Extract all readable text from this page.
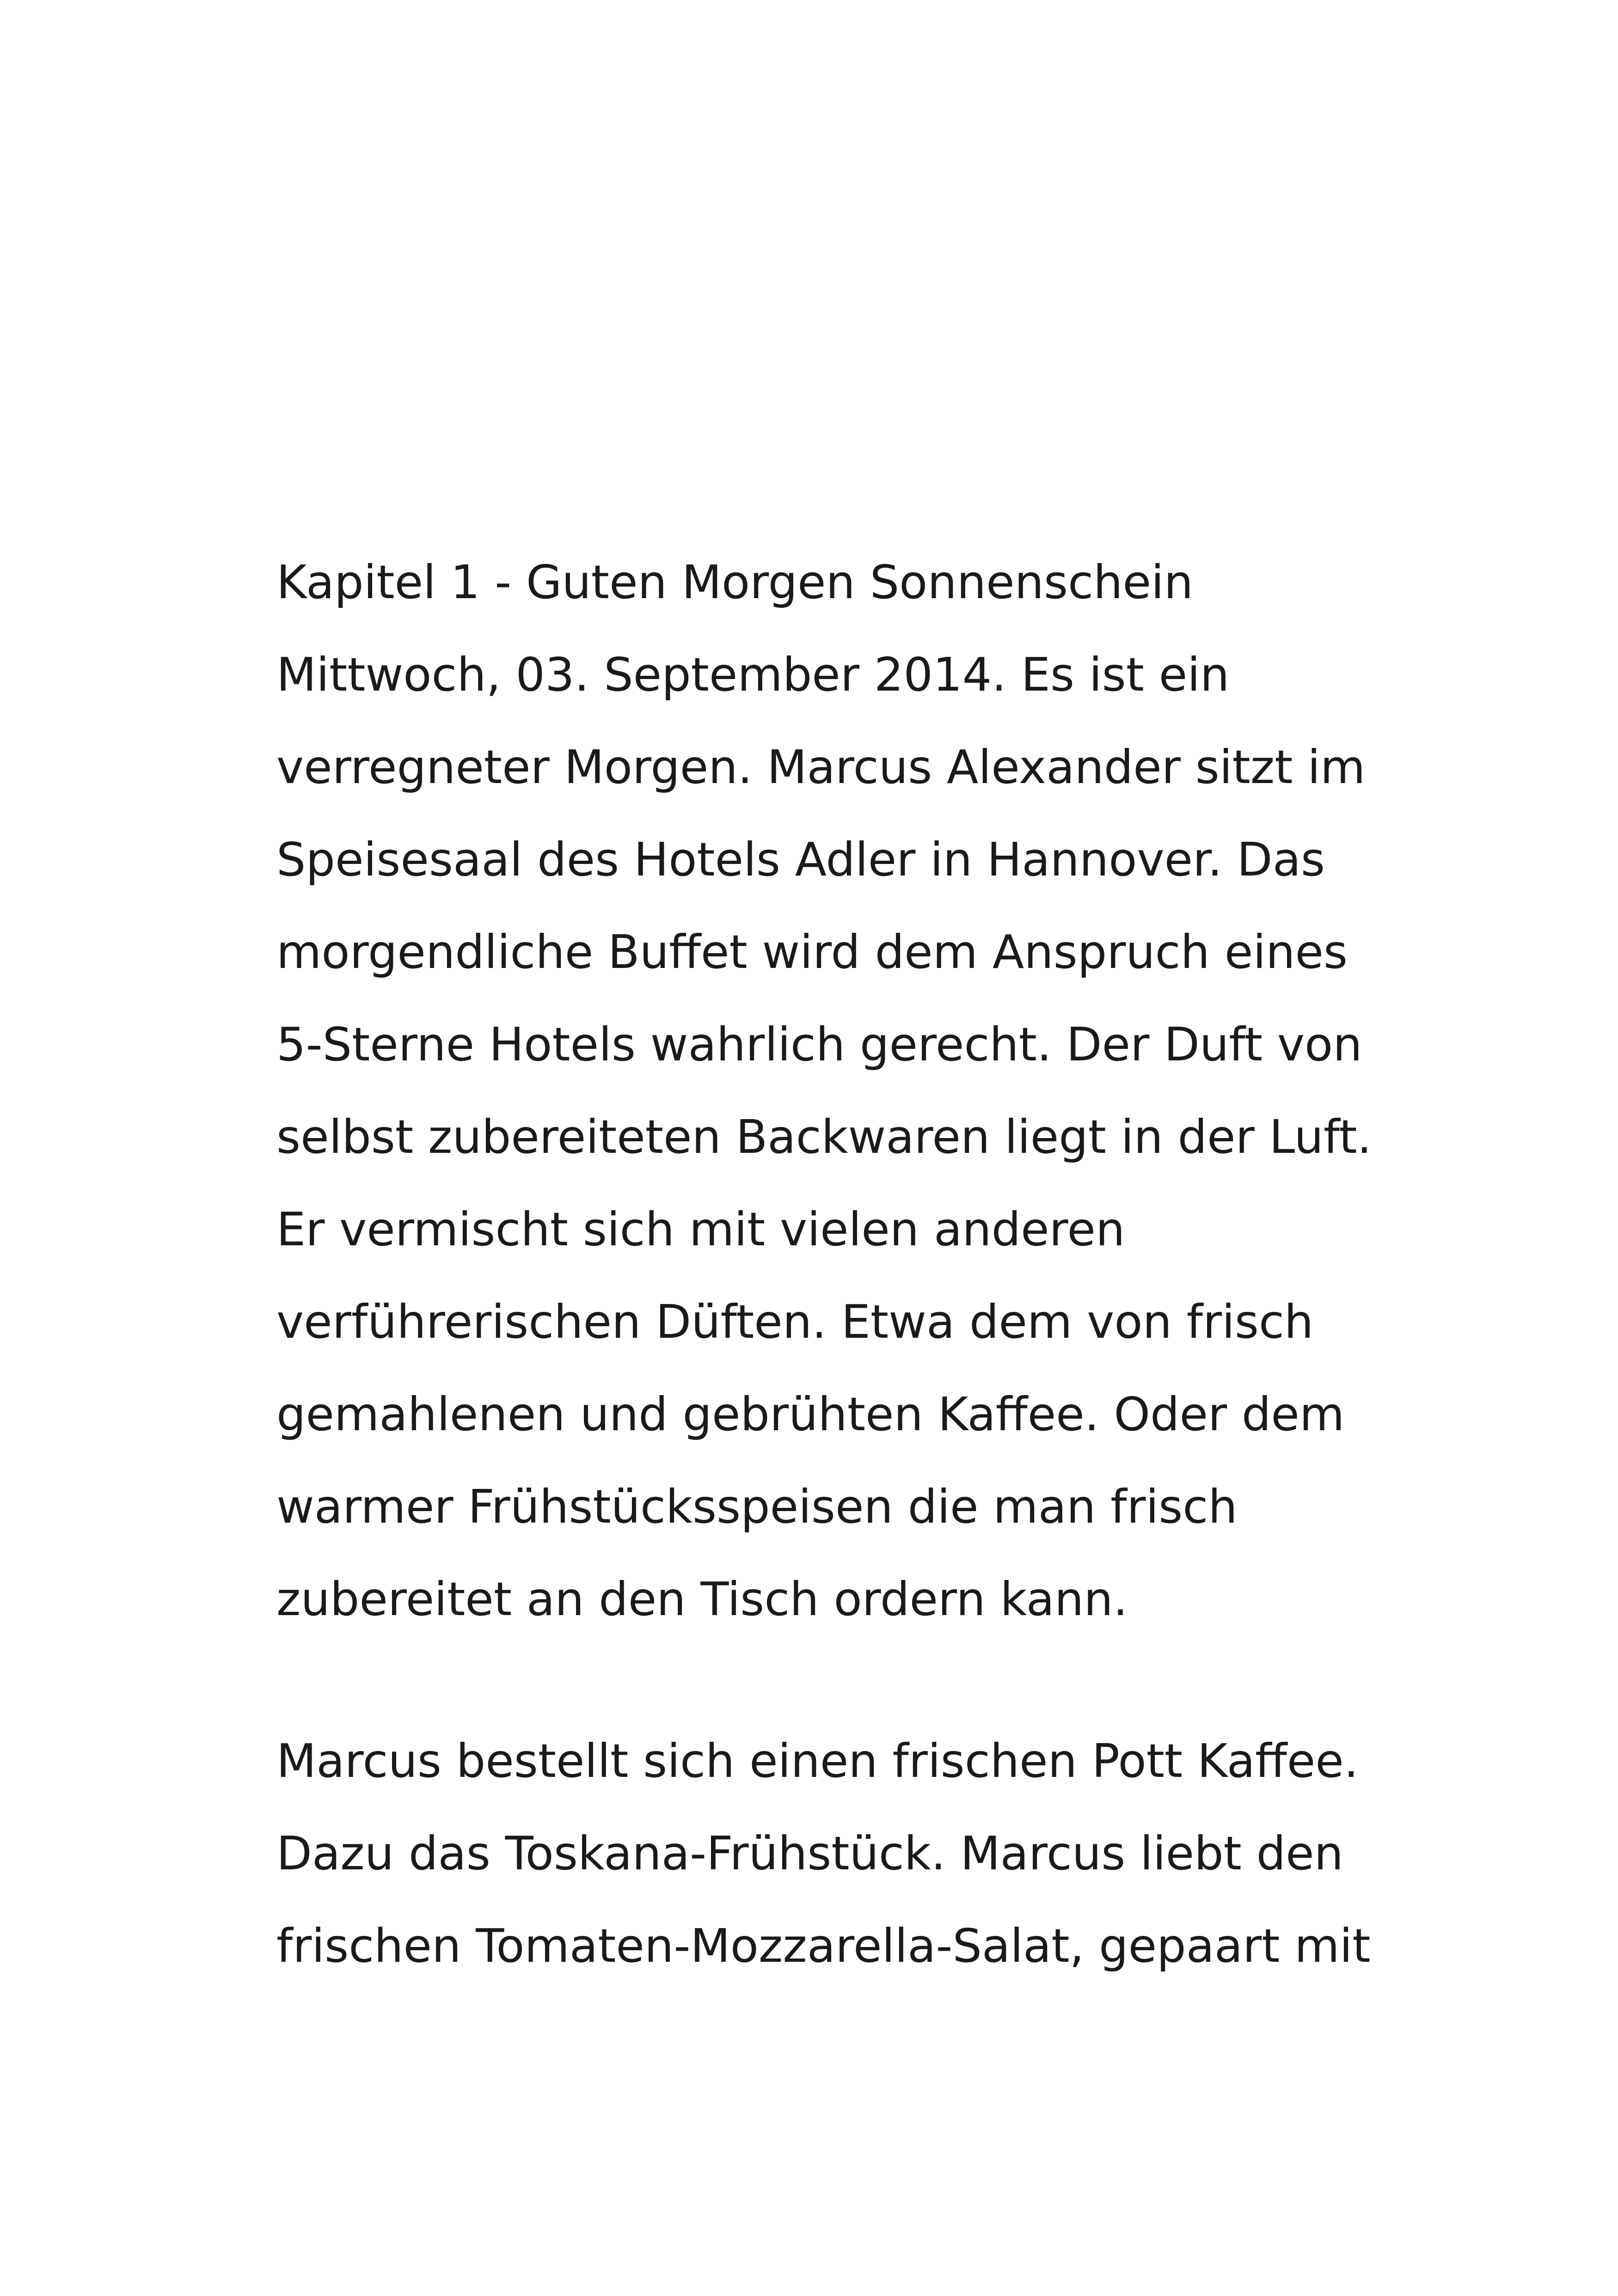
Kapitel 1 - Guten Morgen Sonnenschein
Mittwoch, 03. September 2014. Es ist ein
verregneter Morgen. Marcus Alexander sitzt im
Speisesaal des Hotels Adler in Hannover. Das
morgendliche Buffet wird dem Anspruch eines
5-Sterne Hotels wahrlich gerecht. Der Duft von
selbst zubereiteten Backwaren liegt in der Luft.
Er vermischt sich mit vielen anderen
verführerischen Düften. Etwa dem von frisch
gemahlenen und gebrühten Kaffee. Oder dem
warmer Frühstücksspeisen die man frisch
zubereitet an den Tisch ordern kann.
Marcus bestellt sich einen frischen Pott Kaffee.
Dazu das Toskana-Frühstück. Marcus liebt den
frischen Tomaten-Mozzarella-Salat, gepaart mit
